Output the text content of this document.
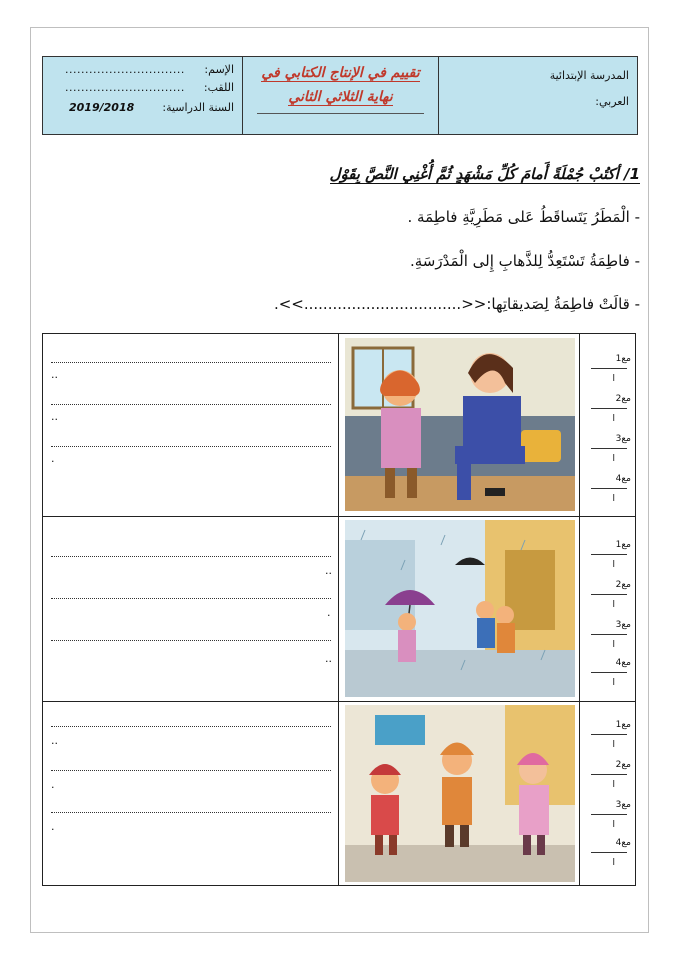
الإسم:
..............................
اللقب:
..............................
السنة الدراسية:
2019/2018
تقييم في الإنتاج الكتابي في
نهاية الثلاثي الثاني
المدرسة الإبتدائية
العربي:
1/ أكتُبْ جُمْلَةً أَمامَ كُلِّ مَشْهَدٍ ثُمَّ أُغْنِي النَّصَّ بِقَوْل
- الْمَطَرُ يَتَساقَطُ عَلى مَطَرِيَّةِ فاطِمَة .
- فاطِمَةُ تَسْتَعِدُّ لِلذَّهابِ إِلى الْمَدْرَسَةِ.
- قالَتْ فاطِمَةُ لِصَديقاتِها:<<.................................>>.
..
..
.
..
.
..
..
.
.
مع1
ا
مع2
ا
مع3
ا
مع4
ا
مع1
ا
مع2
ا
مع3
ا
مع4
ا
مع1
ا
مع2
ا
مع3
ا
مع4
ا
